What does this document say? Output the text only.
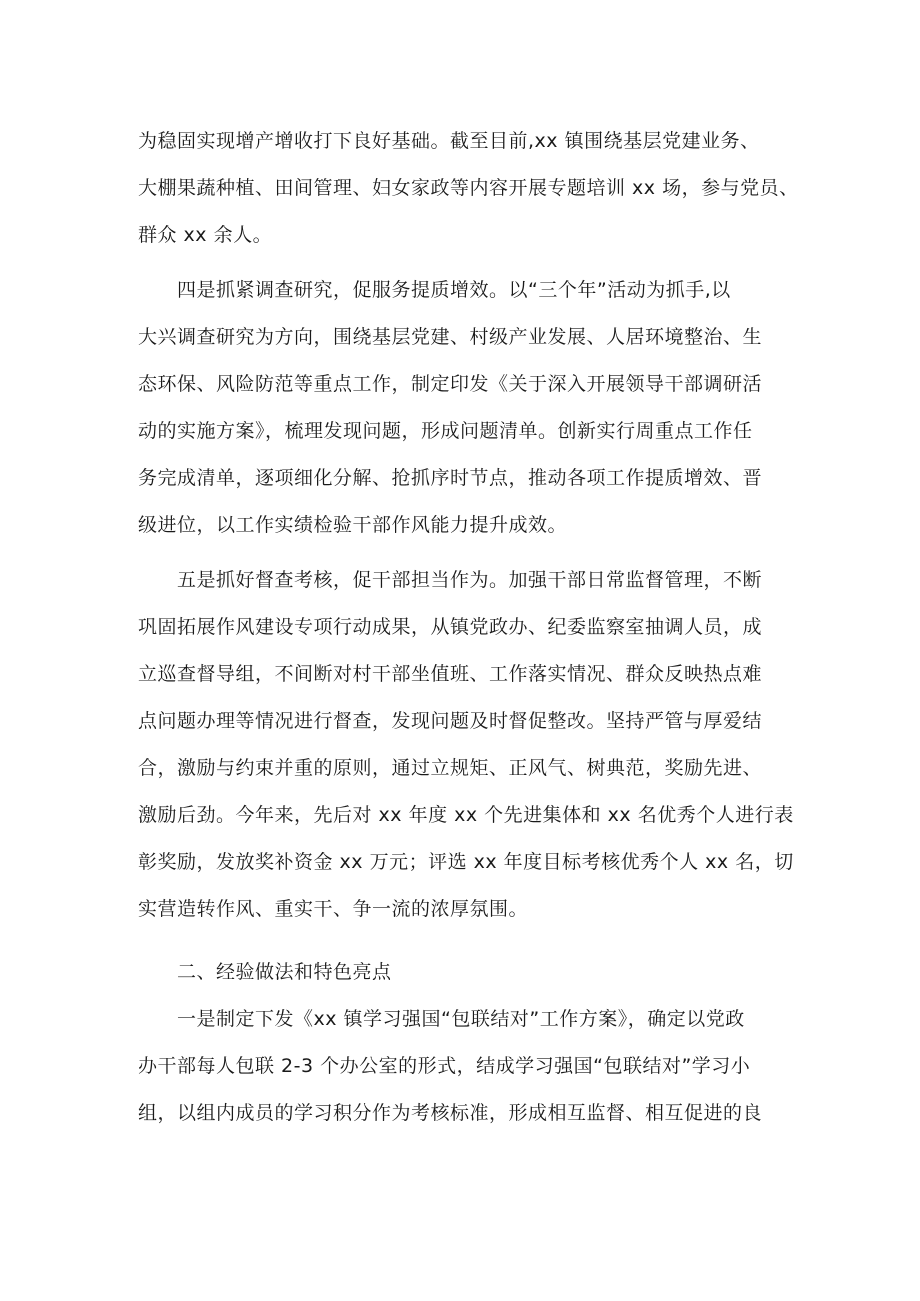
为稳固实现增产增收打下良好基础。截至目前,xx 镇围绕基层党建业务、
大棚果蔬种植、田间管理、妇女家政等内容开展专题培训 xx 场，参与党员、
群众 xx 余人。
　　四是抓紧调查研究，促服务提质增效。以“三个年”活动为抓手,以
大兴调查研究为方向，围绕基层党建、村级产业发展、人居环境整治、生
态环保、风险防范等重点工作，制定印发《关于深入开展领导干部调研活
动的实施方案》，梳理发现问题，形成问题清单。创新实行周重点工作任
务完成清单，逐项细化分解、抢抓序时节点，推动各项工作提质增效、晋
级进位，以工作实绩检验干部作风能力提升成效。
　　五是抓好督查考核，促干部担当作为。加强干部日常监督管理，不断
巩固拓展作风建设专项行动成果，从镇党政办、纪委监察室抽调人员，成
立巡查督导组，不间断对村干部坐值班、工作落实情况、群众反映热点难
点问题办理等情况进行督查，发现问题及时督促整改。坚持严管与厚爱结
合，激励与约束并重的原则，通过立规矩、正风气、树典范，奖励先进、
激励后劲。今年来，先后对 xx 年度 xx 个先进集体和 xx 名优秀个人进行表
彰奖励，发放奖补资金 xx 万元；评选 xx 年度目标考核优秀个人 xx 名，切
实营造转作风、重实干、争一流的浓厚氛围。
　　二、经验做法和特色亮点
　　一是制定下发《xx 镇学习强国“包联结对”工作方案》，确定以党政
办干部每人包联 2-3 个办公室的形式，结成学习强国“包联结对”学习小
组，以组内成员的学习积分作为考核标准，形成相互监督、相互促进的良
